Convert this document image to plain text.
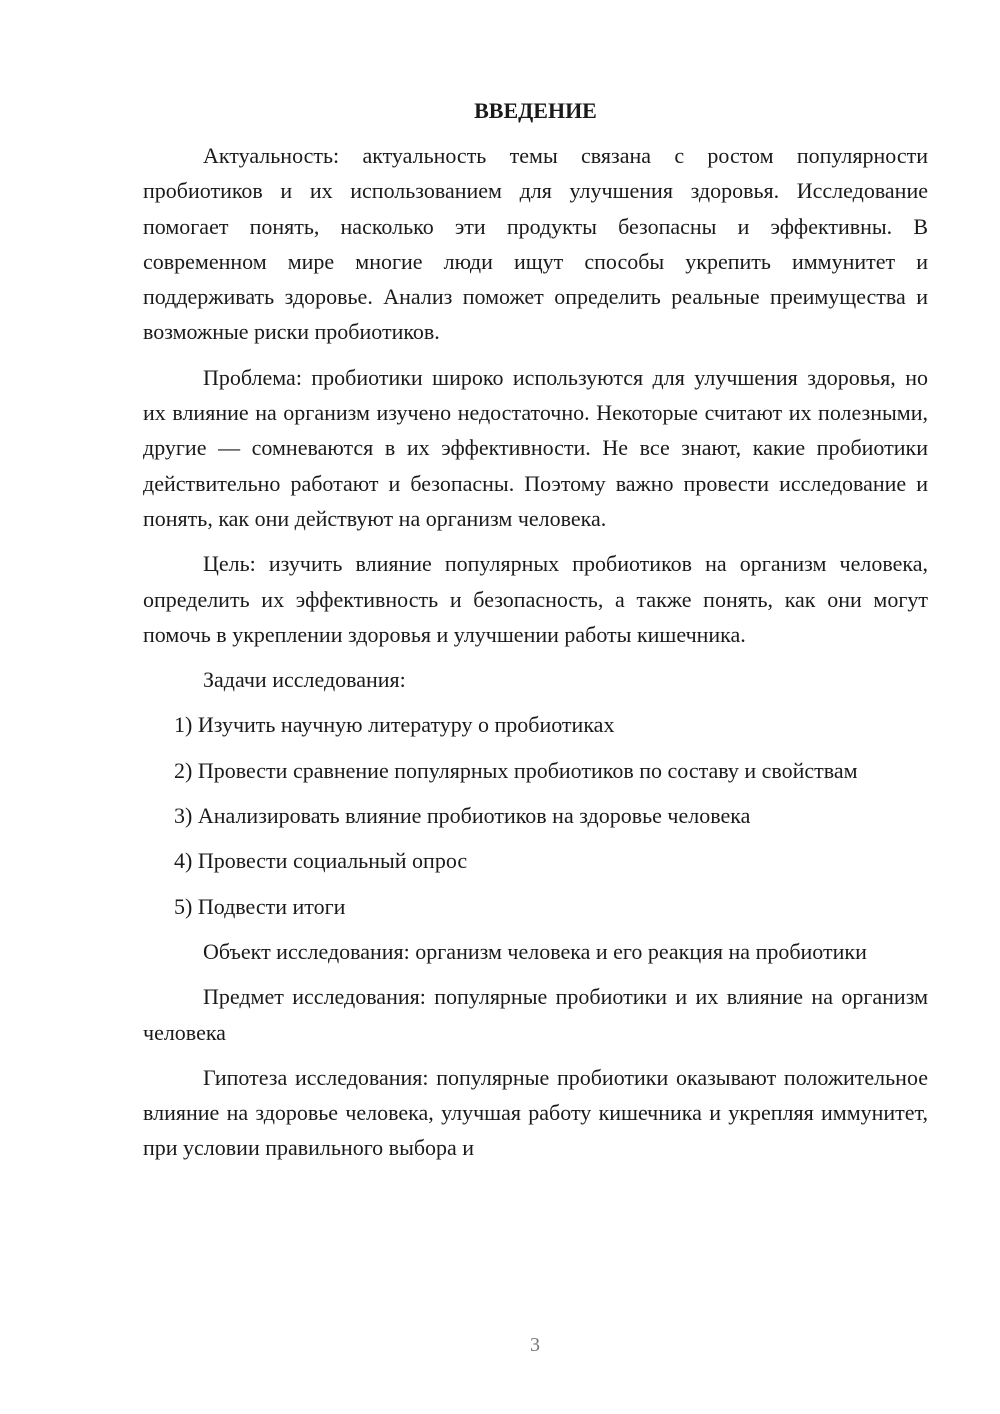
ВВЕДЕНИЕ
Актуальность: актуальность темы связана с ростом популярности пробиотиков и их использованием для улучшения здоровья. Исследование помогает понять, насколько эти продукты безопасны и эффективны. В современном мире многие люди ищут способы укрепить иммунитет и поддерживать здоровье. Анализ поможет определить реальные преимущества и возможные риски пробиотиков.
Проблема: пробиотики широко используются для улучшения здоровья, но их влияние на организм изучено недостаточно. Некоторые считают их полезными, другие — сомневаются в их эффективности. Не все знают, какие пробиотики действительно работают и безопасны. Поэтому важно провести исследование и понять, как они действуют на организм человека.
Цель: изучить влияние популярных пробиотиков на организм человека, определить их эффективность и безопасность, а также понять, как они могут помочь в укреплении здоровья и улучшении работы кишечника.
Задачи исследования:
1) Изучить научную литературу о пробиотиках
2) Провести сравнение популярных пробиотиков по составу и свойствам
3) Анализировать влияние пробиотиков на здоровье человека
4) Провести социальный опрос
5) Подвести итоги
Объект исследования: организм человека и его реакция на пробиотики
Предмет исследования: популярные пробиотики и их влияние на организм человека
Гипотеза исследования: популярные пробиотики оказывают положительное влияние на здоровье человека, улучшая работу кишечника и укрепляя иммунитет, при условии правильного выбора и
3
